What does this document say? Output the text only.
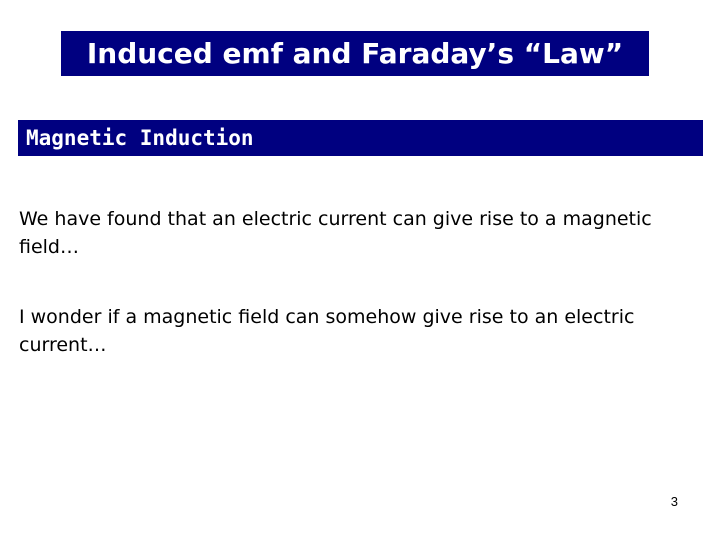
Induced emf and Faraday’s “Law”
Magnetic Induction

We have found that an electric current can give rise to a magnetic field…

I wonder if a magnetic field can somehow give rise to an electric current…

3
